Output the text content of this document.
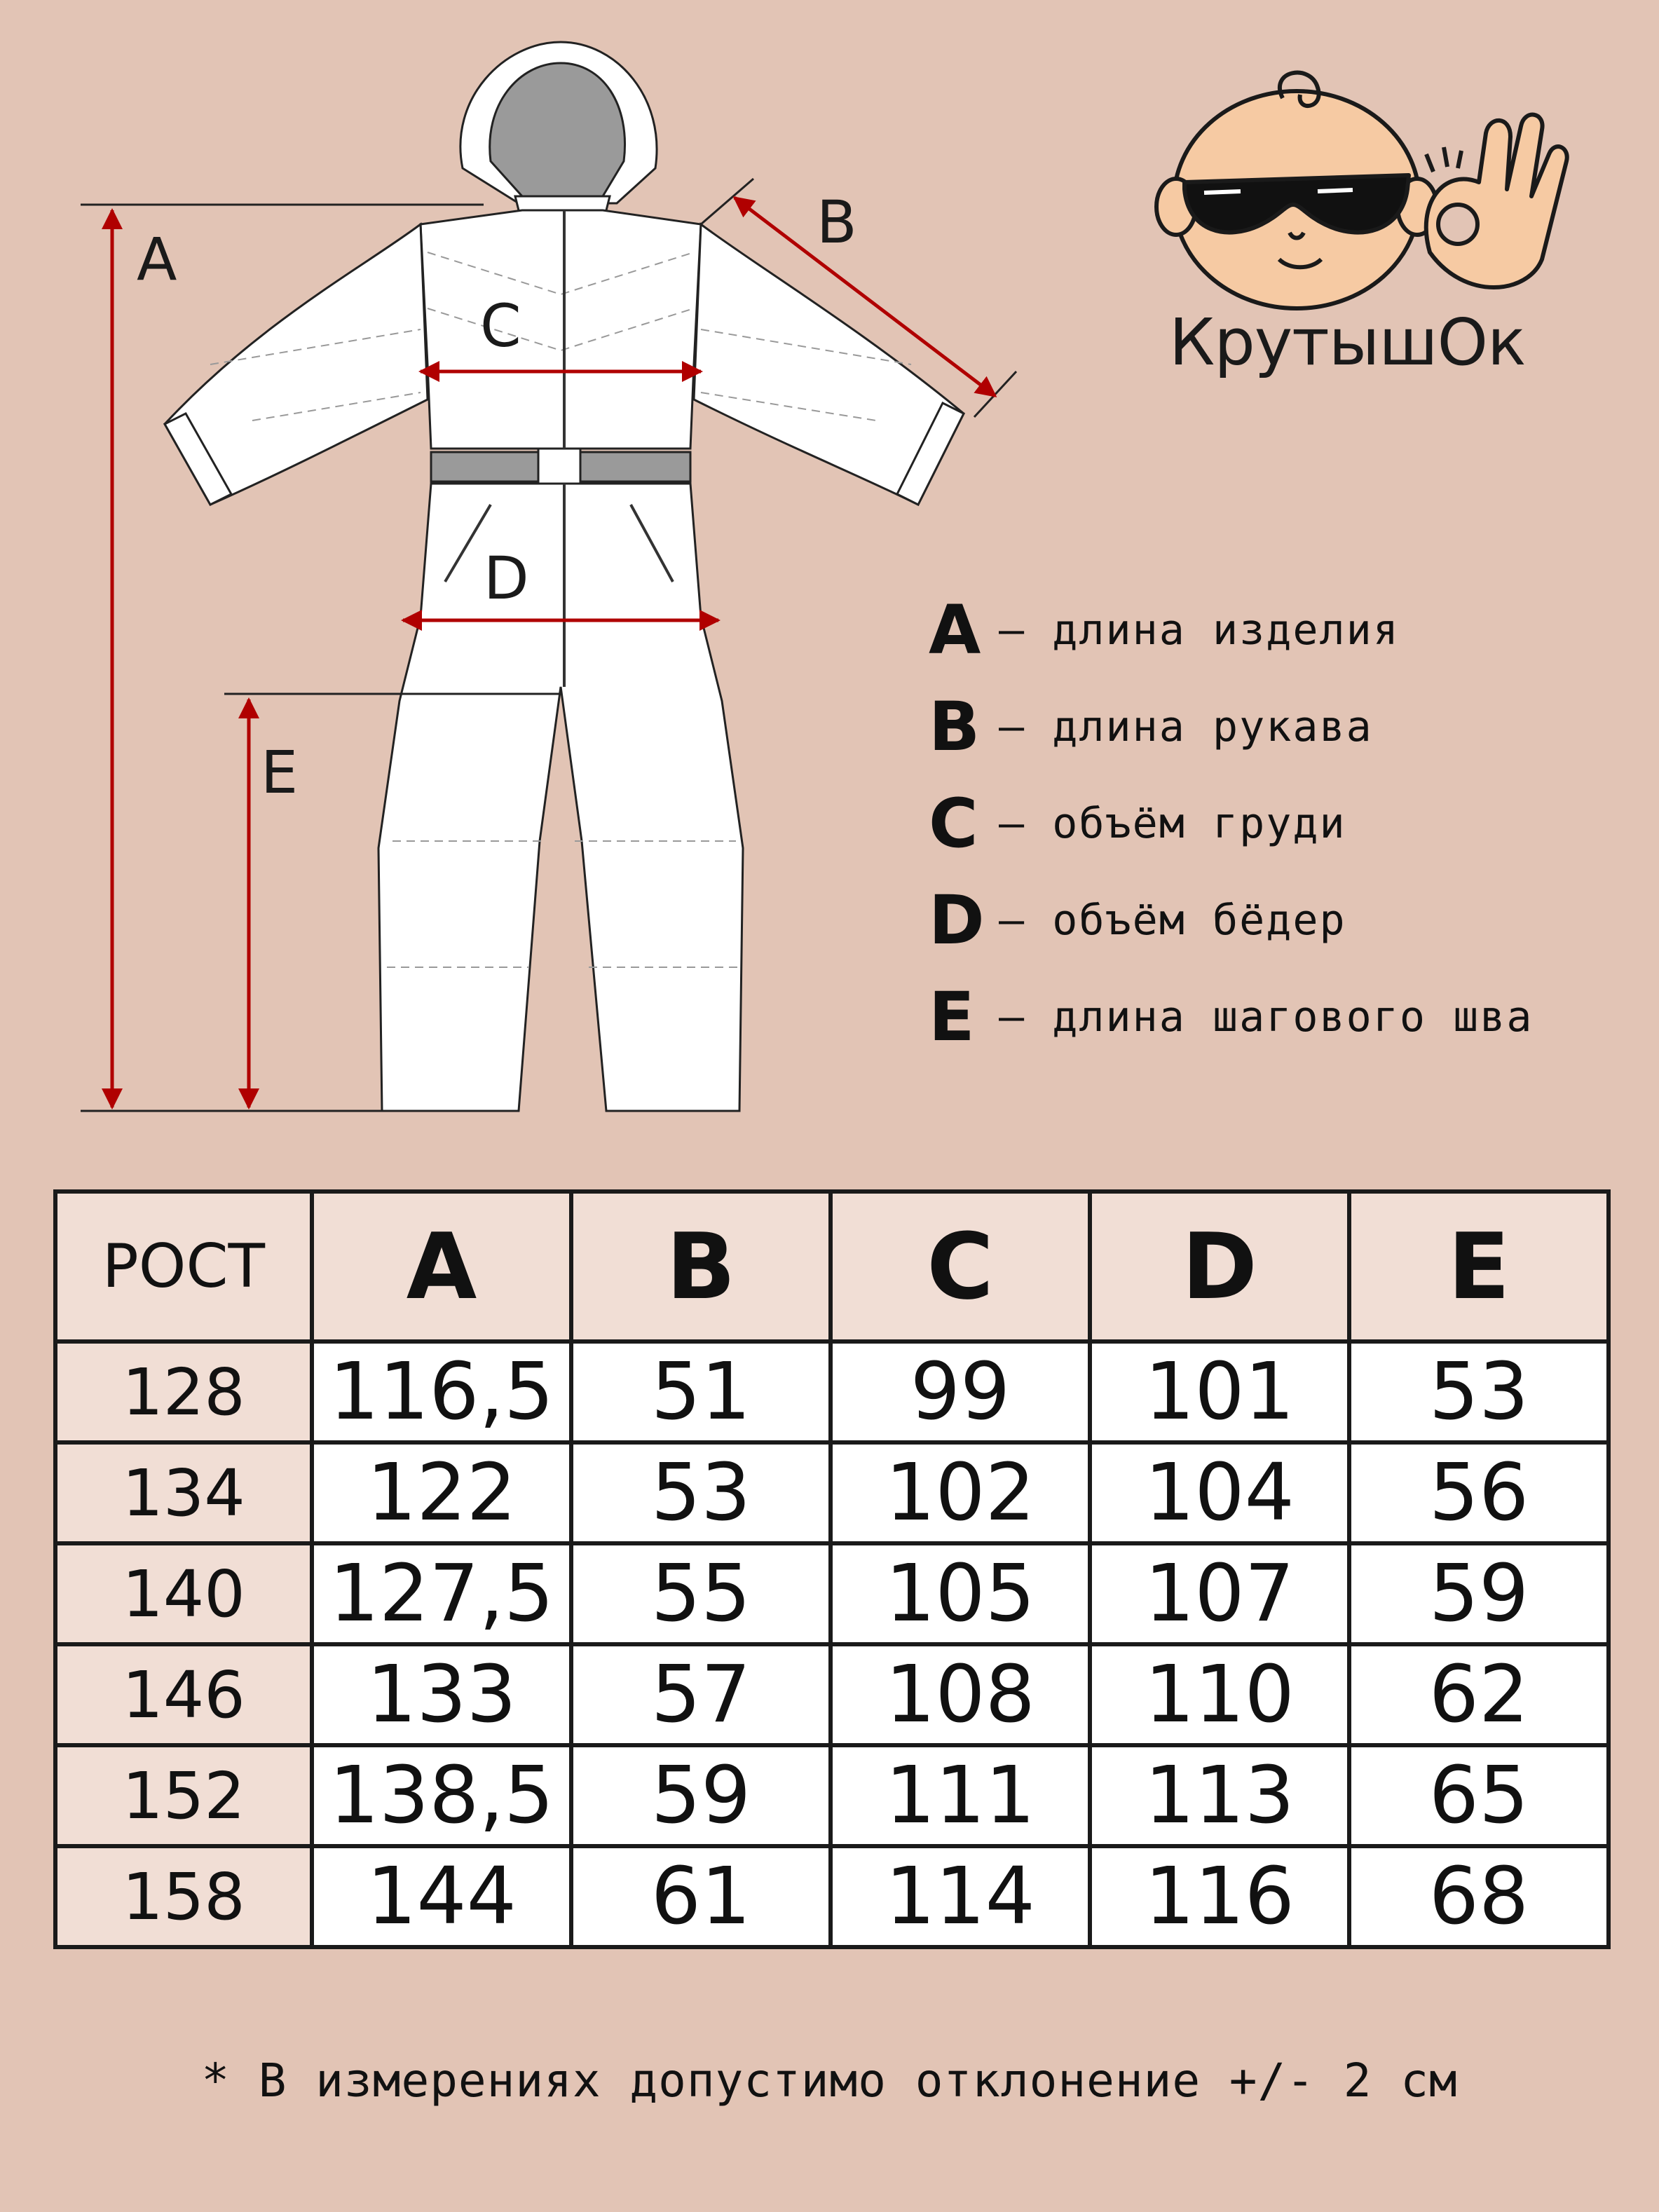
A
B
C
D
E
A – длина изделия
B – длина рукава
C – объём груди
D – объём бёдер
E – длина шагового шва
КрутышОк
РОСТ	A	B	C	D	E
128	116,5	51	99	101	53
134	122	53	102	104	56
140	127,5	55	105	107	59
146	133	57	108	110	62
152	138,5	59	111	113	65
158	144	61	114	116	68
* В измерениях допустимо отклонение +/- 2 см
